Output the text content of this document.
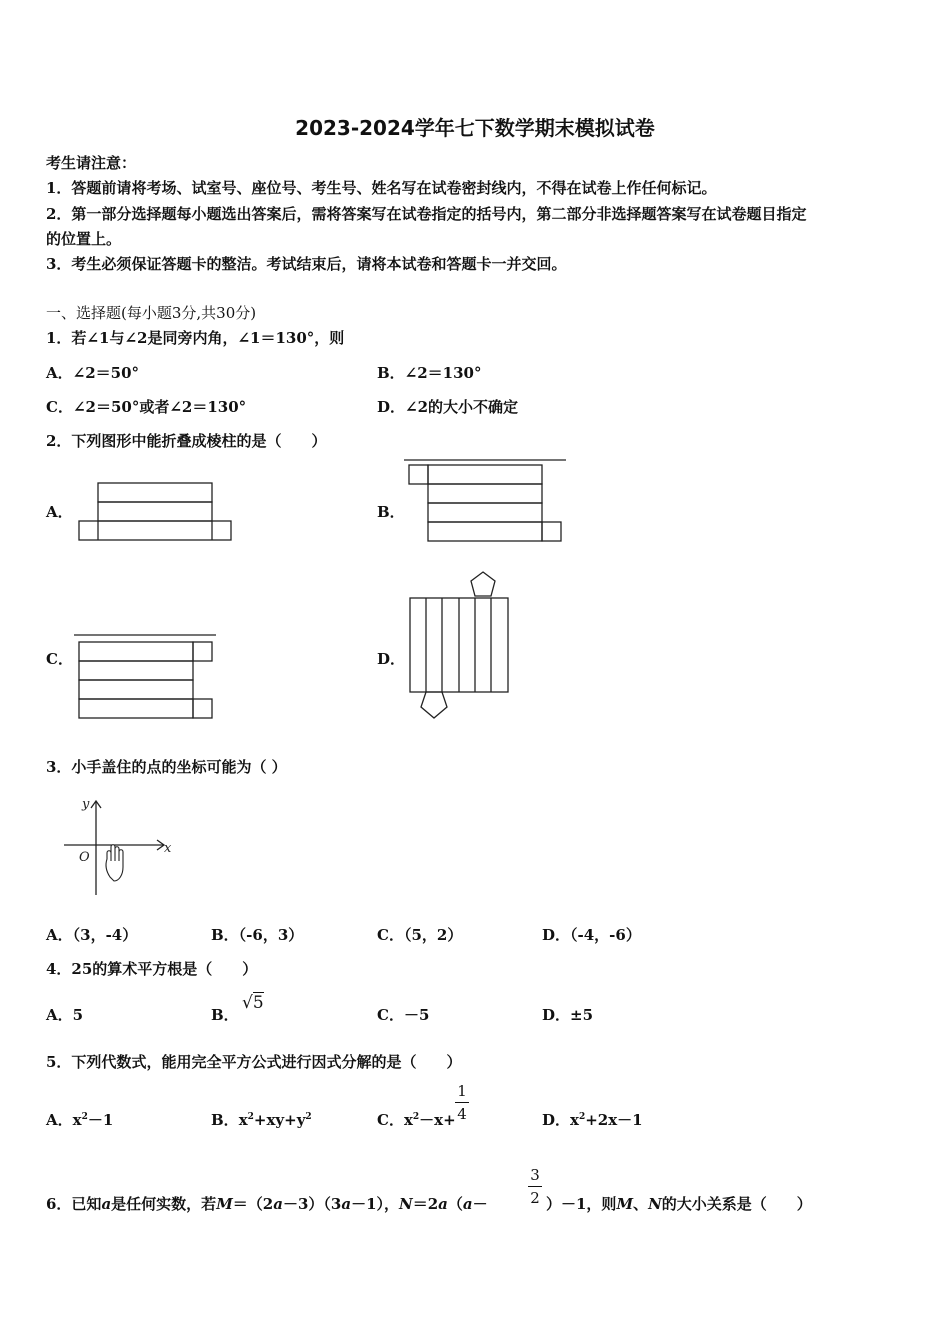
2023-2024学年七下数学期末模拟试卷
考生请注意：
1．答题前请将考场、试室号、座位号、考生号、姓名写在试卷密封线内，不得在试卷上作任何标记。
2．第一部分选择题每小题选出答案后，需将答案写在试卷指定的括号内，第二部分非选择题答案写在试卷题目指定
的位置上。
3．考生必须保证答题卡的整洁。考试结束后，请将本试卷和答题卡一并交回。
一、选择题(每小题3分,共30分)
1．若∠1与∠2是同旁内角，∠1＝130°，则
A．∠2＝50°	B．∠2＝130°
C．∠2＝50°或者∠2＝130°	D．∠2的大小不确定
2．下列图形中能折叠成棱柱的是（　　）
A．	B．
C．	D．
3．小手盖住的点的坐标可能为（ ）
y
x
O
A．（3，-4）	B．（-6，3）	C．（5，2）	D．（-4，-6）
4．25的算术平方根是（　　）
A．5	B．
√5
C．－5	D．±5
5．下列代数式，能用完全平方公式进行因式分解的是（　　）
A．$x^2-1$	B．$x^2+xy+y^2$	C．$x^2-x+$
1
4	D．$x^2+2x-1$
6．已知a是任何实数，若M＝（2a－3）（3a－1），N＝2a（a－
3
2 ）－1，则M、N的大小关系是（　　）
